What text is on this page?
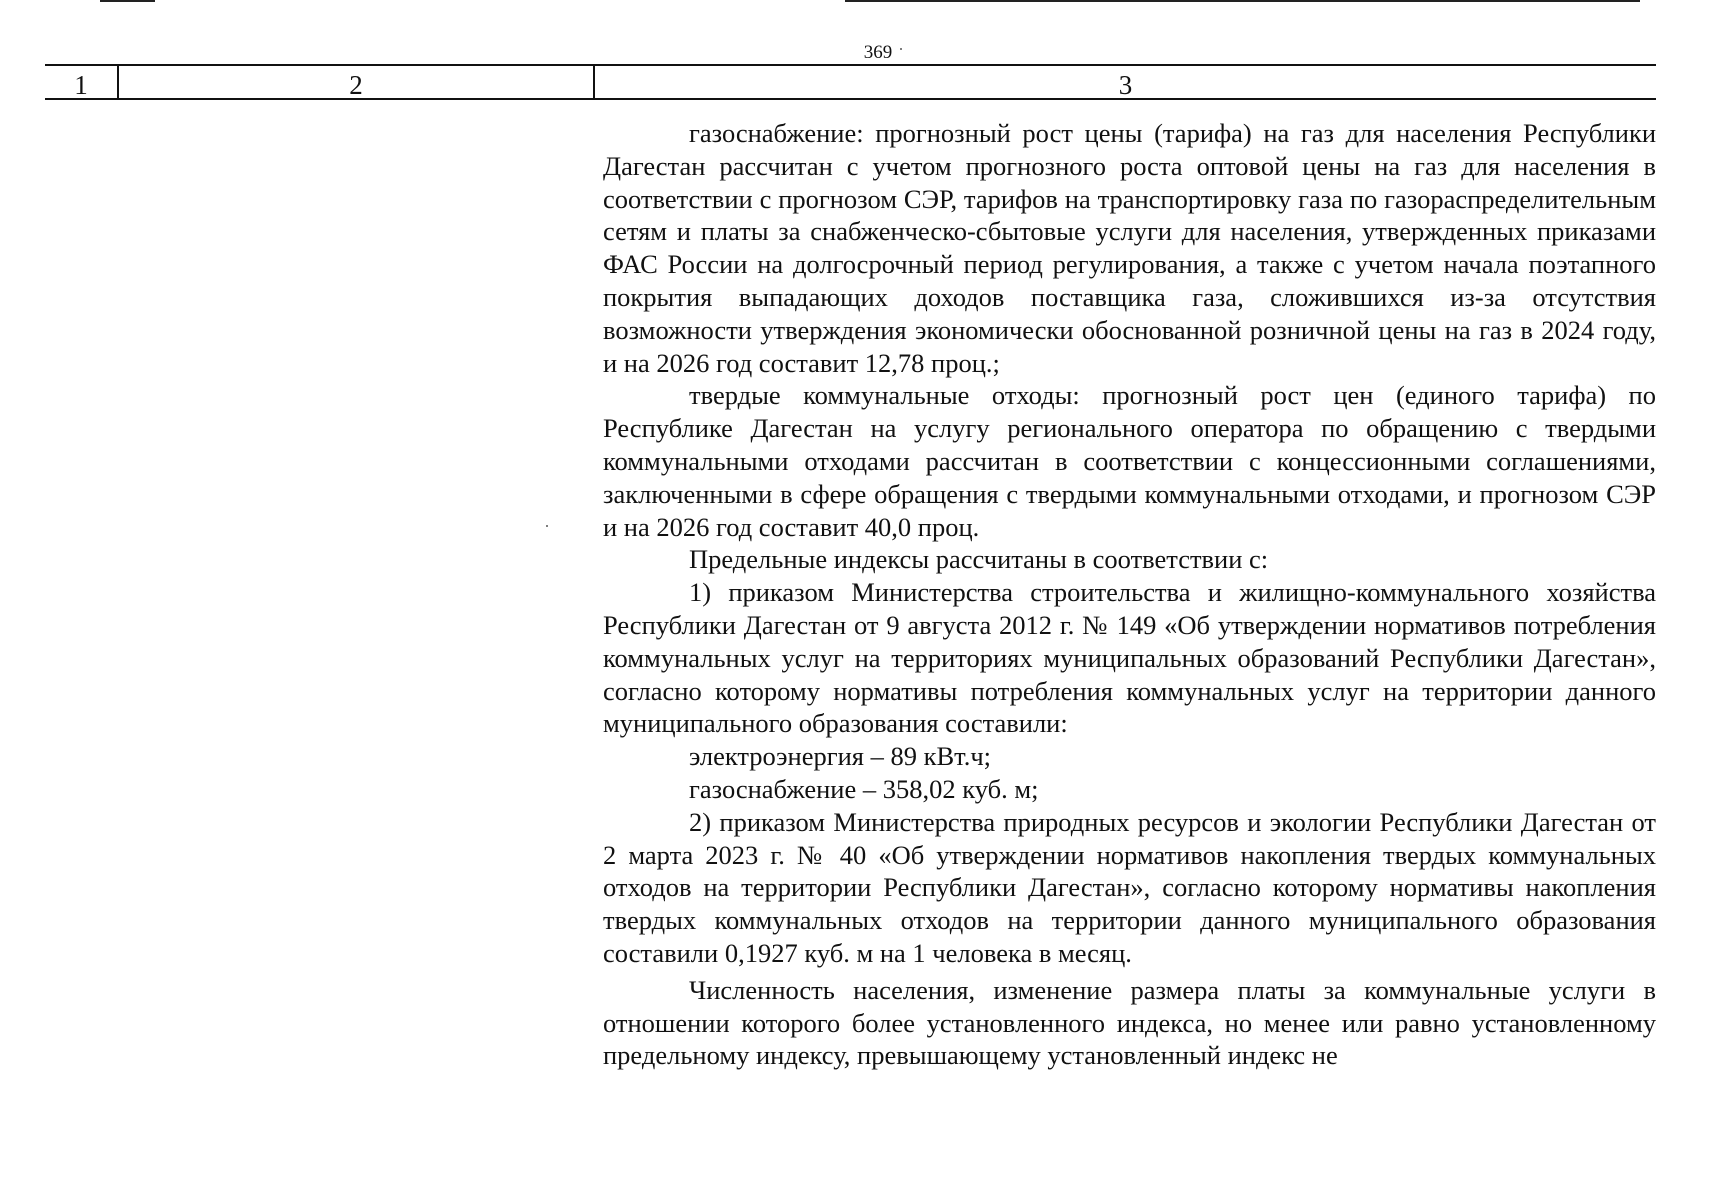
369
1	2	3

газоснабжение: прогнозный рост цены (тарифа) на газ для населения Республики Дагестан рассчитан с учетом прогнозного роста оптовой цены на газ для населения в соответствии с прогнозом СЭР, тарифов на транспортировку газа по газораспределительным сетям и платы за снабженческо-сбытовые услуги для населения, утвержденных приказами ФАС России на долгосрочный период регулирования, а также с учетом начала поэтапного покрытия выпадающих доходов поставщика газа, сложившихся из-за отсутствия возможности утверждения экономически обоснованной розничной цены на газ в 2024 году, и на 2026 год составит 12,78 проц.;

твердые коммунальные отходы: прогнозный рост цен (единого тарифа) по Республике Дагестан на услугу регионального оператора по обращению с твердыми коммунальными отходами рассчитан в соответствии с концессионными соглашениями, заключенными в сфере обращения с твердыми коммунальными отходами, и прогнозом СЭР и на 2026 год составит 40,0 проц.

Предельные индексы рассчитаны в соответствии с:

1) приказом Министерства строительства и жилищно-коммунального хозяйства Республики Дагестан от 9 августа 2012 г. № 149 «Об утверждении нормативов потребления коммунальных услуг на территориях муниципальных образований Республики Дагестан», согласно которому нормативы потребления коммунальных услуг на территории данного муниципального образования составили:

электроэнергия – 89 кВт.ч;

газоснабжение – 358,02 куб. м;

2) приказом Министерства природных ресурсов и экологии Республики Дагестан от 2 марта 2023 г. № 40 «Об утверждении нормативов накопления твердых коммунальных отходов на территории Республики Дагестан», согласно которому нормативы накопления твердых коммунальных отходов на территории данного муниципального образования составили 0,1927 куб. м на 1 человека в месяц.

Численность населения, изменение размера платы за коммунальные услуги в отношении которого более установленного индекса, но менее или равно установленному предельному индексу, превышающему установленный индекс не
